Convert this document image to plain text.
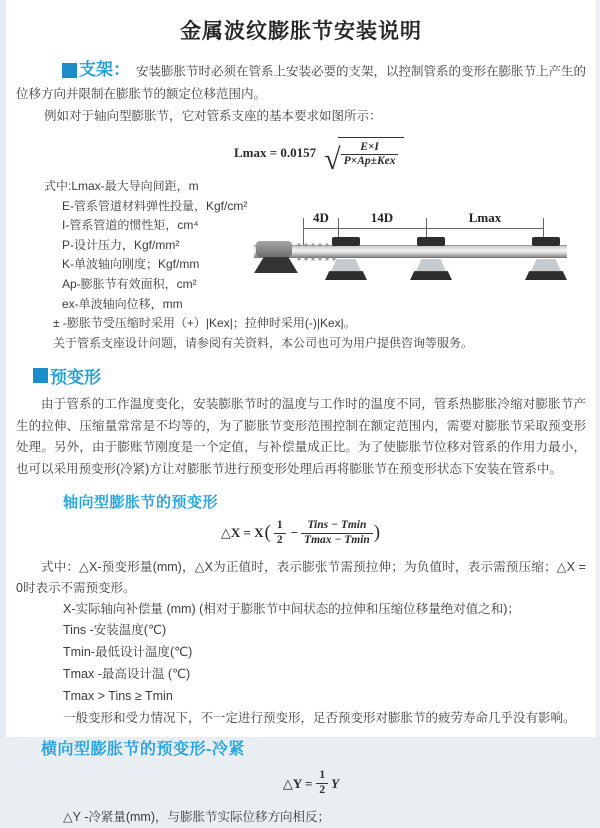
金属波纹膨胀节安装说明
支架： 安装膨胀节时必须在管系上安装必要的支架，以控制管系的变形在膨胀节上产生的位移方向并限制在膨胀节的额定位移范围内。
例如对于轴向型膨胀节，它对管系支座的基本要求如图所示：
Lmax = 0.0157 √ $\frac{E\times I}{\text{P×Ap±Kex}}$
式中:Lmax-最大导向间距，m
E-管系管道材料弹性投量，Kgf/cm²
I-管系管道的惯性矩，cm⁴
P-设计压力，Kgf/mm²
K-单波轴向刚度；Kgf/mm
Ap-膨胀节有效面积，cm²
ex-单波轴向位移，mm
± -膨胀节受压缩时采用（+）|Kex|；拉伸时采用(-)|Kex|。
关于管系支座设计问题，请参阅有关资料，本公司也可为用户提供咨询等服务。
4D	14D	Lmax
预变形
由于管系的工作温度变化，安装膨胀节时的温度与工作时的温度不同，管系热膨胀冷缩对膨胀节产生的拉伸、压缩量常常是不均等的，为了膨胀节变形范围控制在额定范围内，需要对膨胀节采取预变形处理。另外，由于膨账节刚度是一个定值，与补偿量成正比。为了使膨胀节位移对管系的作用力最小，也可以采用预变形(冷紧)方让对膨胀节进行预变形处理后再将膨胀节在预变形状态下安装在管系中。
轴向型膨胀节的预变形
△X = X ( $\frac{1}{2} - \frac{\text{Tins − Tmin}}{Tmax - Tmin}$ )
式中：△X-预变形量(mm)，△X为正值时，表示膨张节需预拉伸；为负值时，表示需预压缩；△X = 0时表示不需预变形。
X-实际轴向补偿量 (mm) (相对于膨胀节中间状态的拉伸和压缩位移量绝对值之和)；
Tins -安装温度(℃)
Tmin-最低设计温度(℃)
Tmax -最高设计温 (℃)
Tmax > Tins ≥ Tmin
一般变形和受力情况下，不一定进行预变形，足否预变形对膨胀节的疲劳寿命几乎没有影响。
横向型膨胀节的预变形-冷紧
△Y = $\frac{1}{2}$ Y
△Y -冷紧量(mm)，与膨胀节实际位移方向相反；
